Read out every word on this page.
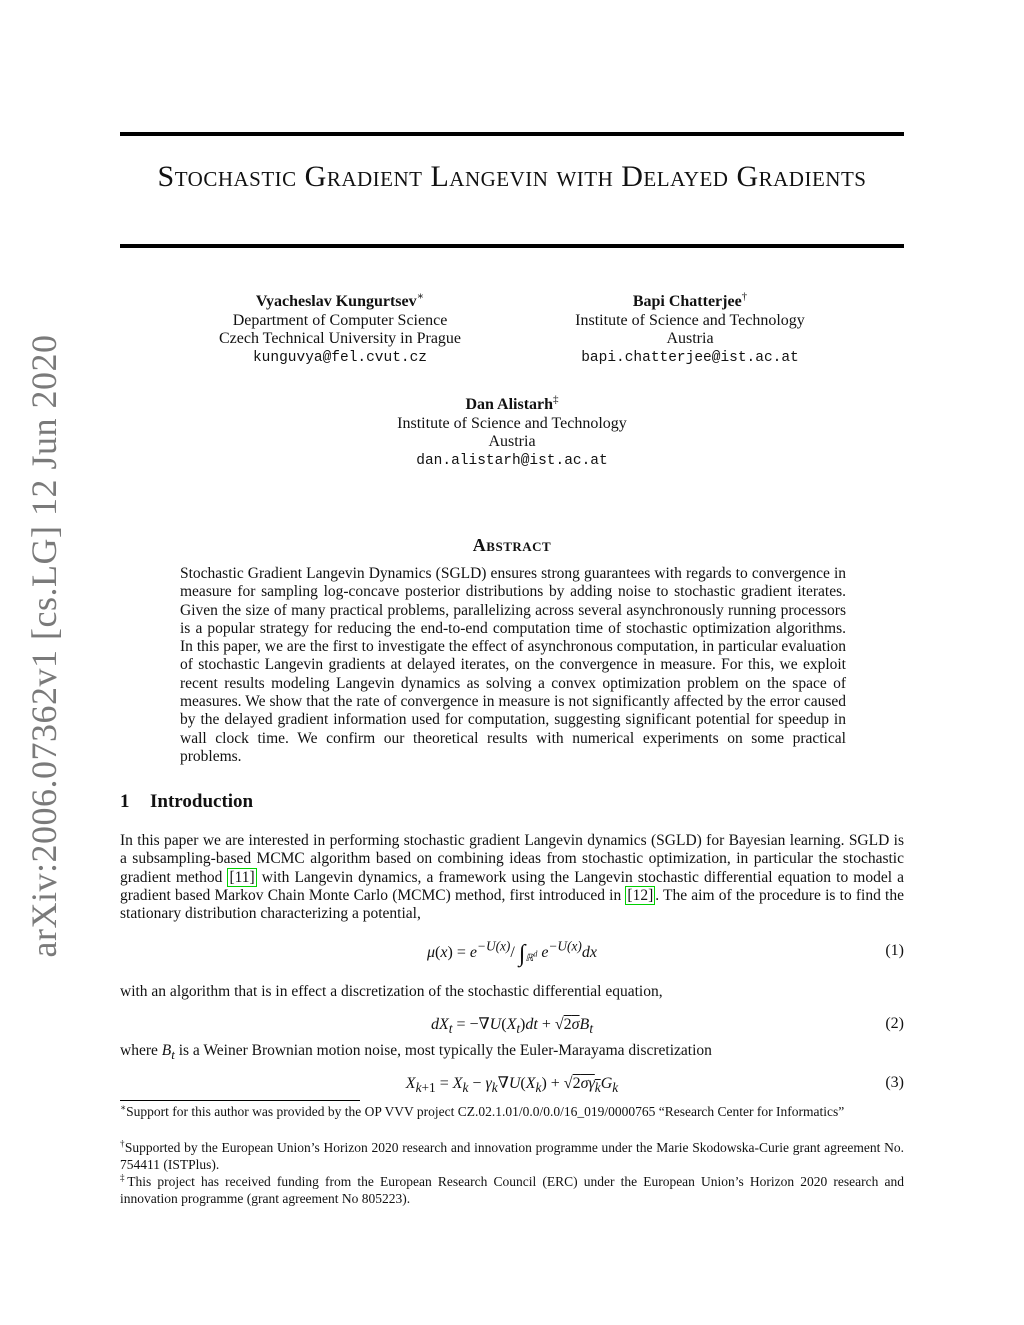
arXiv:2006.07362v1 [cs.LG] 12 Jun 2020
Stochastic Gradient Langevin with Delayed Gradients
Vyacheslav Kungurtsev∗
Department of Computer Science
Czech Technical University in Prague
kunguvya@fel.cvut.cz
Bapi Chatterjee†
Institute of Science and Technology
Austria
bapi.chatterjee@ist.ac.at
Dan Alistarh‡
Institute of Science and Technology
Austria
dan.alistarh@ist.ac.at
Abstract
Stochastic Gradient Langevin Dynamics (SGLD) ensures strong guarantees with regards to convergence in measure for sampling log-concave posterior distributions by adding noise to stochastic gradient iterates. Given the size of many practical problems, parallelizing across several asynchronously running processors is a popular strategy for reducing the end-to-end computation time of stochastic optimization algorithms. In this paper, we are the first to investigate the effect of asynchronous computation, in particular evaluation of stochastic Langevin gradients at delayed iterates, on the convergence in measure. For this, we exploit recent results modeling Langevin dynamics as solving a convex optimization problem on the space of measures. We show that the rate of convergence in measure is not significantly affected by the error caused by the delayed gradient information used for computation, suggesting significant potential for speedup in wall clock time. We confirm our theoretical results with numerical experiments on some practical problems.
1 Introduction
In this paper we are interested in performing stochastic gradient Langevin dynamics (SGLD) for Bayesian learning. SGLD is a subsampling-based MCMC algorithm based on combining ideas from stochastic optimization, in particular the stochastic gradient method [11] with Langevin dynamics, a framework using the Langevin stochastic differential equation to model a gradient based Markov Chain Monte Carlo (MCMC) method, first introduced in [12] . The aim of the procedure is to find the stationary distribution characterizing a potential,
$\mu(x) = e^{-U(x)}/$ $\int_{ℝ^d}$ $e^{-U(x)}dx$	(1)
with an algorithm that is in effect a discretization of the stochastic differential equation,
$dX_t = -\nabla U(X_t)dt + √2\overline{\sigma}B_t$	(2)
where $B_t$ is a Weiner Brownian motion noise, most typically the Euler-Marayama discretization
$X_{k+1} = X_k - \gamma_k\nabla U(X_k) + √2\sigma\gamma_kG_k$	(3)
∗Support for this author was provided by the OP VVV project CZ.02.1.01/0.0/0.0/16_019/0000765 “Research Center for Informatics”
†Supported by the European Union’s Horizon 2020 research and innovation programme under the Marie Skodowska-Curie grant agreement No. 754411 (ISTPlus).
‡This project has received funding from the European Research Council (ERC) under the European Union’s Horizon 2020 research and innovation programme (grant agreement No 805223).
